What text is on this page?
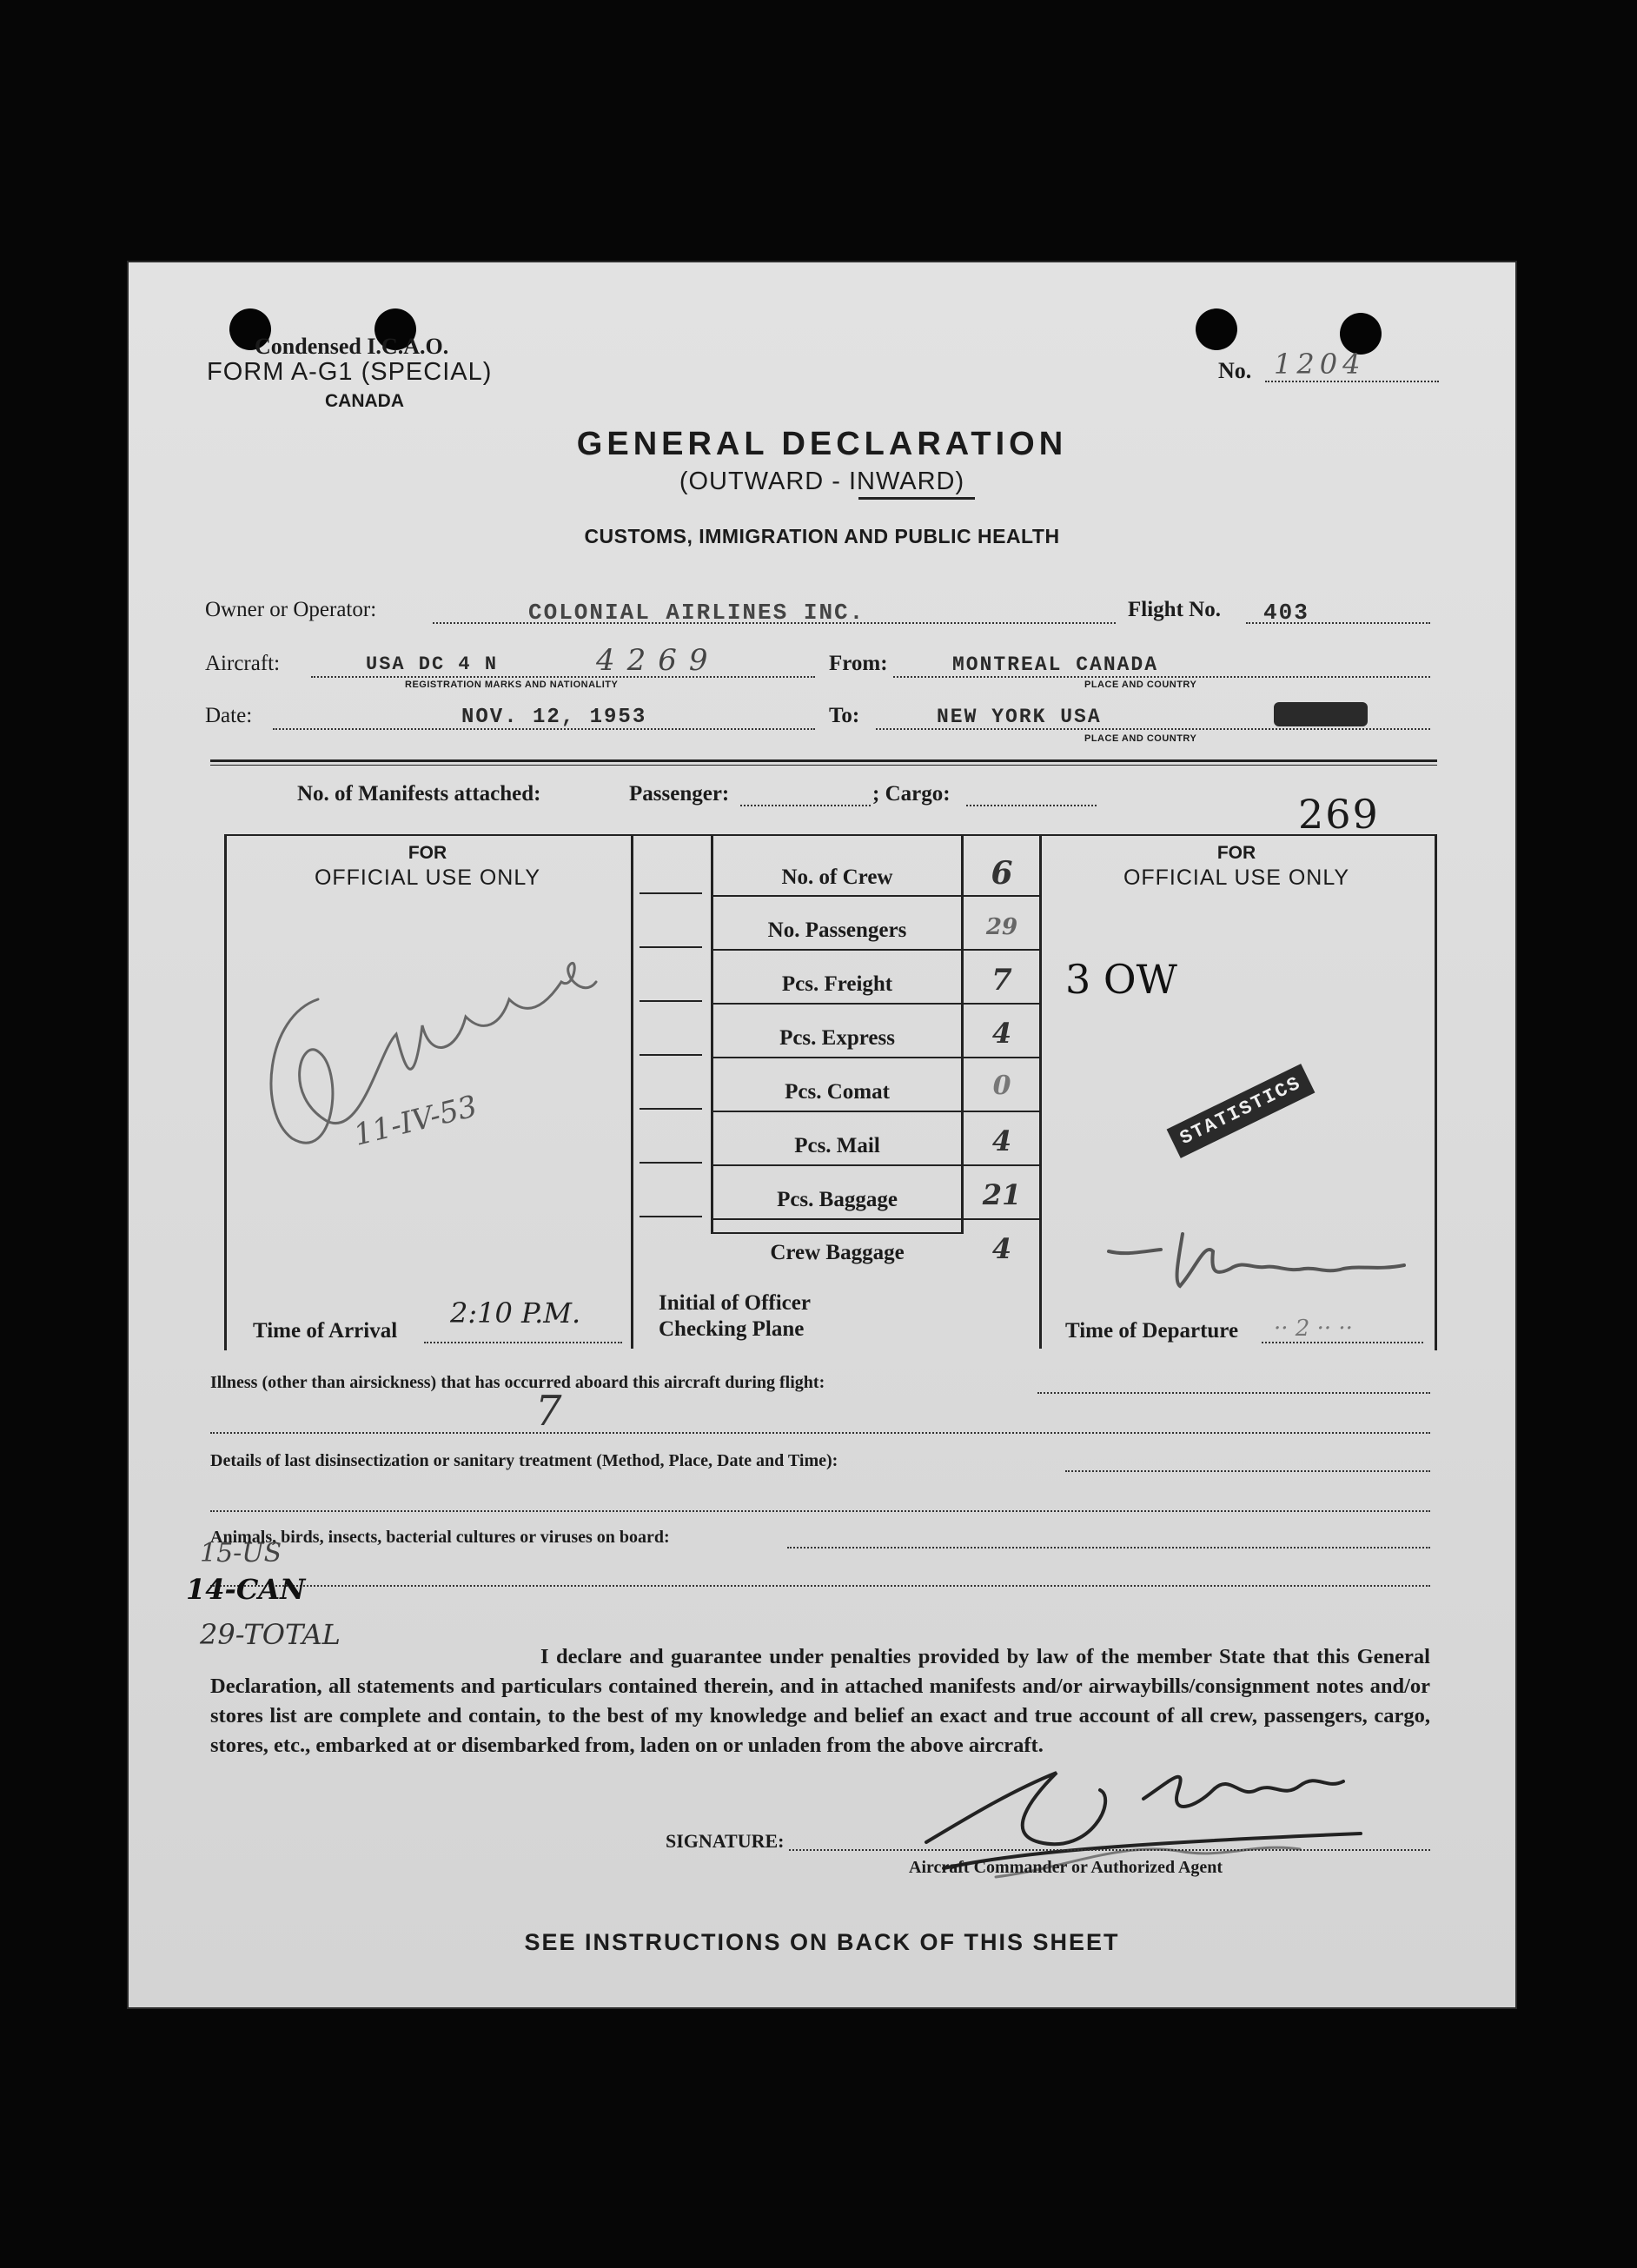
Condensed I.C.A.O.
FORM A-G1 (SPECIAL)
CANADA
No. 1204
GENERAL DECLARATION
(OUTWARD - INWARD)
CUSTOMS, IMMIGRATION AND PUBLIC HEALTH
Owner or Operator:	COLONIAL AIRLINES INC.	Flight No. 403
Aircraft:	USA DC 4 N	4269
REGISTRATION MARKS AND NATIONALITY
From:	MONTREAL CANADA
PLACE AND COUNTRY
Date:	NOV. 12, 1953	To:	NEW YORK USA
PLACE AND COUNTRY
No. of Manifests attached:	Passenger:	; Cargo:	269
FOR
OFFICIAL USE ONLY
11-IV-53
Time of Arrival
2:10 P.M.
No. of Crew	6
No. Passengers	29
Pcs. Freight	7
Pcs. Express	4
Pcs. Comat	0
Pcs. Mail	4
Pcs. Baggage	21
Crew Baggage	4
Initial of Officer
Checking Plane
FOR
OFFICIAL USE ONLY
3 OW
STATISTICS
Time of Departure ·· 2 ·· ··
Illness (other than airsickness) that has occurred aboard this aircraft during flight:
7
Details of last disinsectization or sanitary treatment (Method, Place, Date and Time):
Animals, birds, insects, bacterial cultures or viruses on board:
15-US
14-CAN
29-TOTAL
I declare and guarantee under penalties provided by law of the member State that this General Declaration, all statements and particulars contained therein, and in attached manifests and/or airwaybills/consignment notes and/or stores list are complete and contain, to the best of my knowledge and belief an exact and true account of all crew, passengers, cargo, stores, etc., embarked at or disembarked from, laden on or unladen from the above aircraft.
SIGNATURE:
Aircraft Commander or Authorized Agent
SEE INSTRUCTIONS ON BACK OF THIS SHEET
